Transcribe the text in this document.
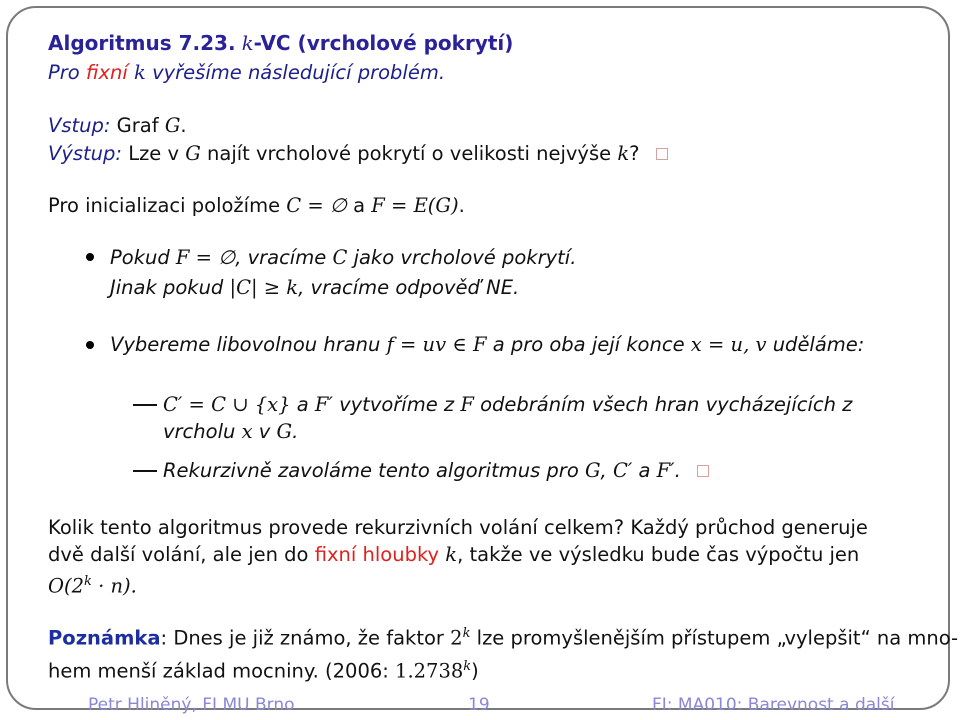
Algoritmus 7.23. k-VC (vrcholové pokrytí)
Pro fixní k vyřešíme následující problém.
Vstup: Graf G.
Výstup: Lze v G najít vrcholové pokrytí o velikosti nejvýše k?
Pro inicializaci položíme C = ∅ a F = E(G).
Pokud F = ∅, vracíme C jako vrcholové pokrytí.
Jinak pokud |C| ≥ k, vracíme odpověď NE.
Vybereme libovolnou hranu f = uv ∈ F a pro oba její konce x = u, v uděláme:
C′ = C ∪ {x} a F′ vytvoříme z F odebráním všech hran vycházejících z
vrcholu x v G.
Rekurzivně zavoláme tento algoritmus pro G, C′ a F′.
Kolik tento algoritmus provede rekurzivních volání celkem? Každý průchod generuje
dvě další volání, ale jen do fixní hloubky k, takže ve výsledku bude čas výpočtu jen
$O(2^k \cdot n)$.
Poznámka: Dnes je již známo, že faktor 2$^k$ lze promyšlenějším přístupem „vylepšit“ na mno-
hem menší základ mocniny. (2006: 1.2738$^k$)
Petr Hliněný, FI MU Brno	19	FI: MA010: Barevnost a další
